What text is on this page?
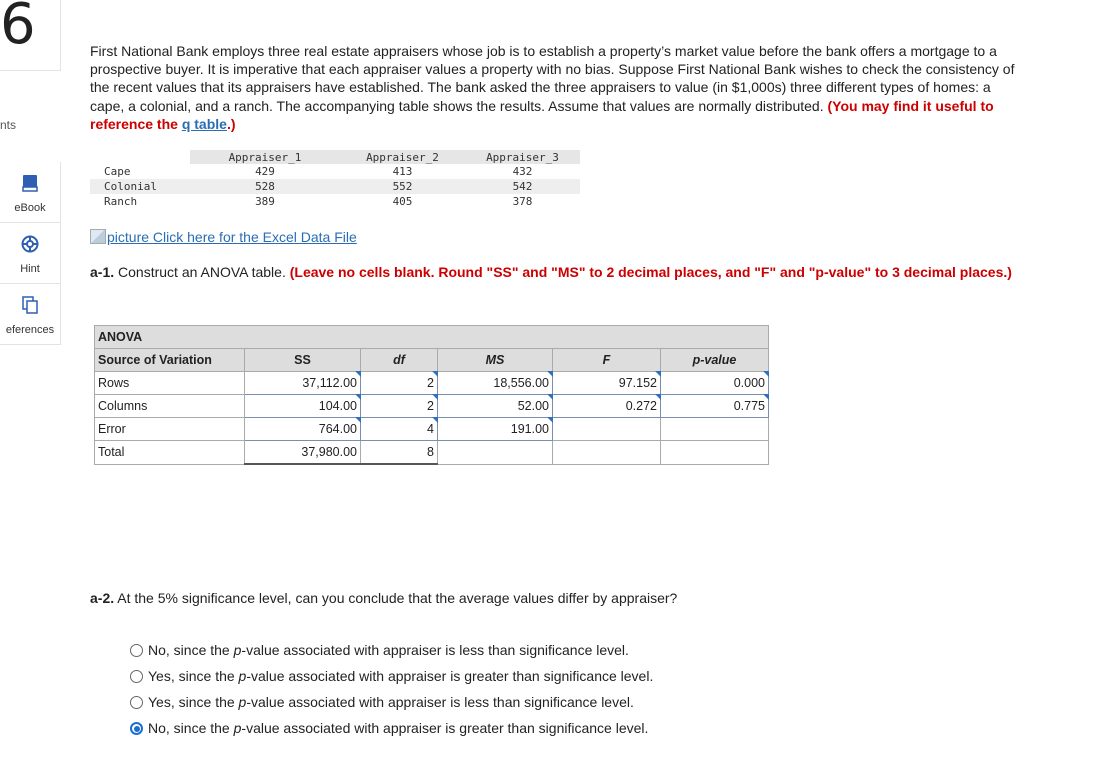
6
nts
eBook
Hint
eferences
First National Bank employs three real estate appraisers whose job is to establish a property’s market value before the bank offers a mortgage to a prospective buyer. It is imperative that each appraiser values a property with no bias. Suppose First National Bank wishes to check the consistency of the recent values that its appraisers have established. The bank asked the three appraisers to value (in $1,000s) three different types of homes: a cape, a colonial, and a ranch. The accompanying table shows the results. Assume that values are normally distributed. (You may find it useful to reference the q table.)
	Appraiser_1	Appraiser_2	Appraiser_3
Cape	429	413	432
Colonial	528	552	542
Ranch	389	405	378
picture Click here for the Excel Data File
a-1. Construct an ANOVA table. (Leave no cells blank. Round "SS" and "MS" to 2 decimal places, and "F" and "p-value" to 3 decimal places.)
ANOVA					
Source of Variation	SS	df	MS	F	p-value
Rows	37,112.00	2	18,556.00	97.152	0.000
Columns	104.00	2	52.00	0.272	0.775
Error	764.00	4	191.00		
Total	37,980.00	8			
a-2. At the 5% significance level, can you conclude that the average values differ by appraiser?
No, since the p-value associated with appraiser is less than significance level.
Yes, since the p-value associated with appraiser is greater than significance level.
Yes, since the p-value associated with appraiser is less than significance level.
No, since the p-value associated with appraiser is greater than significance level.
